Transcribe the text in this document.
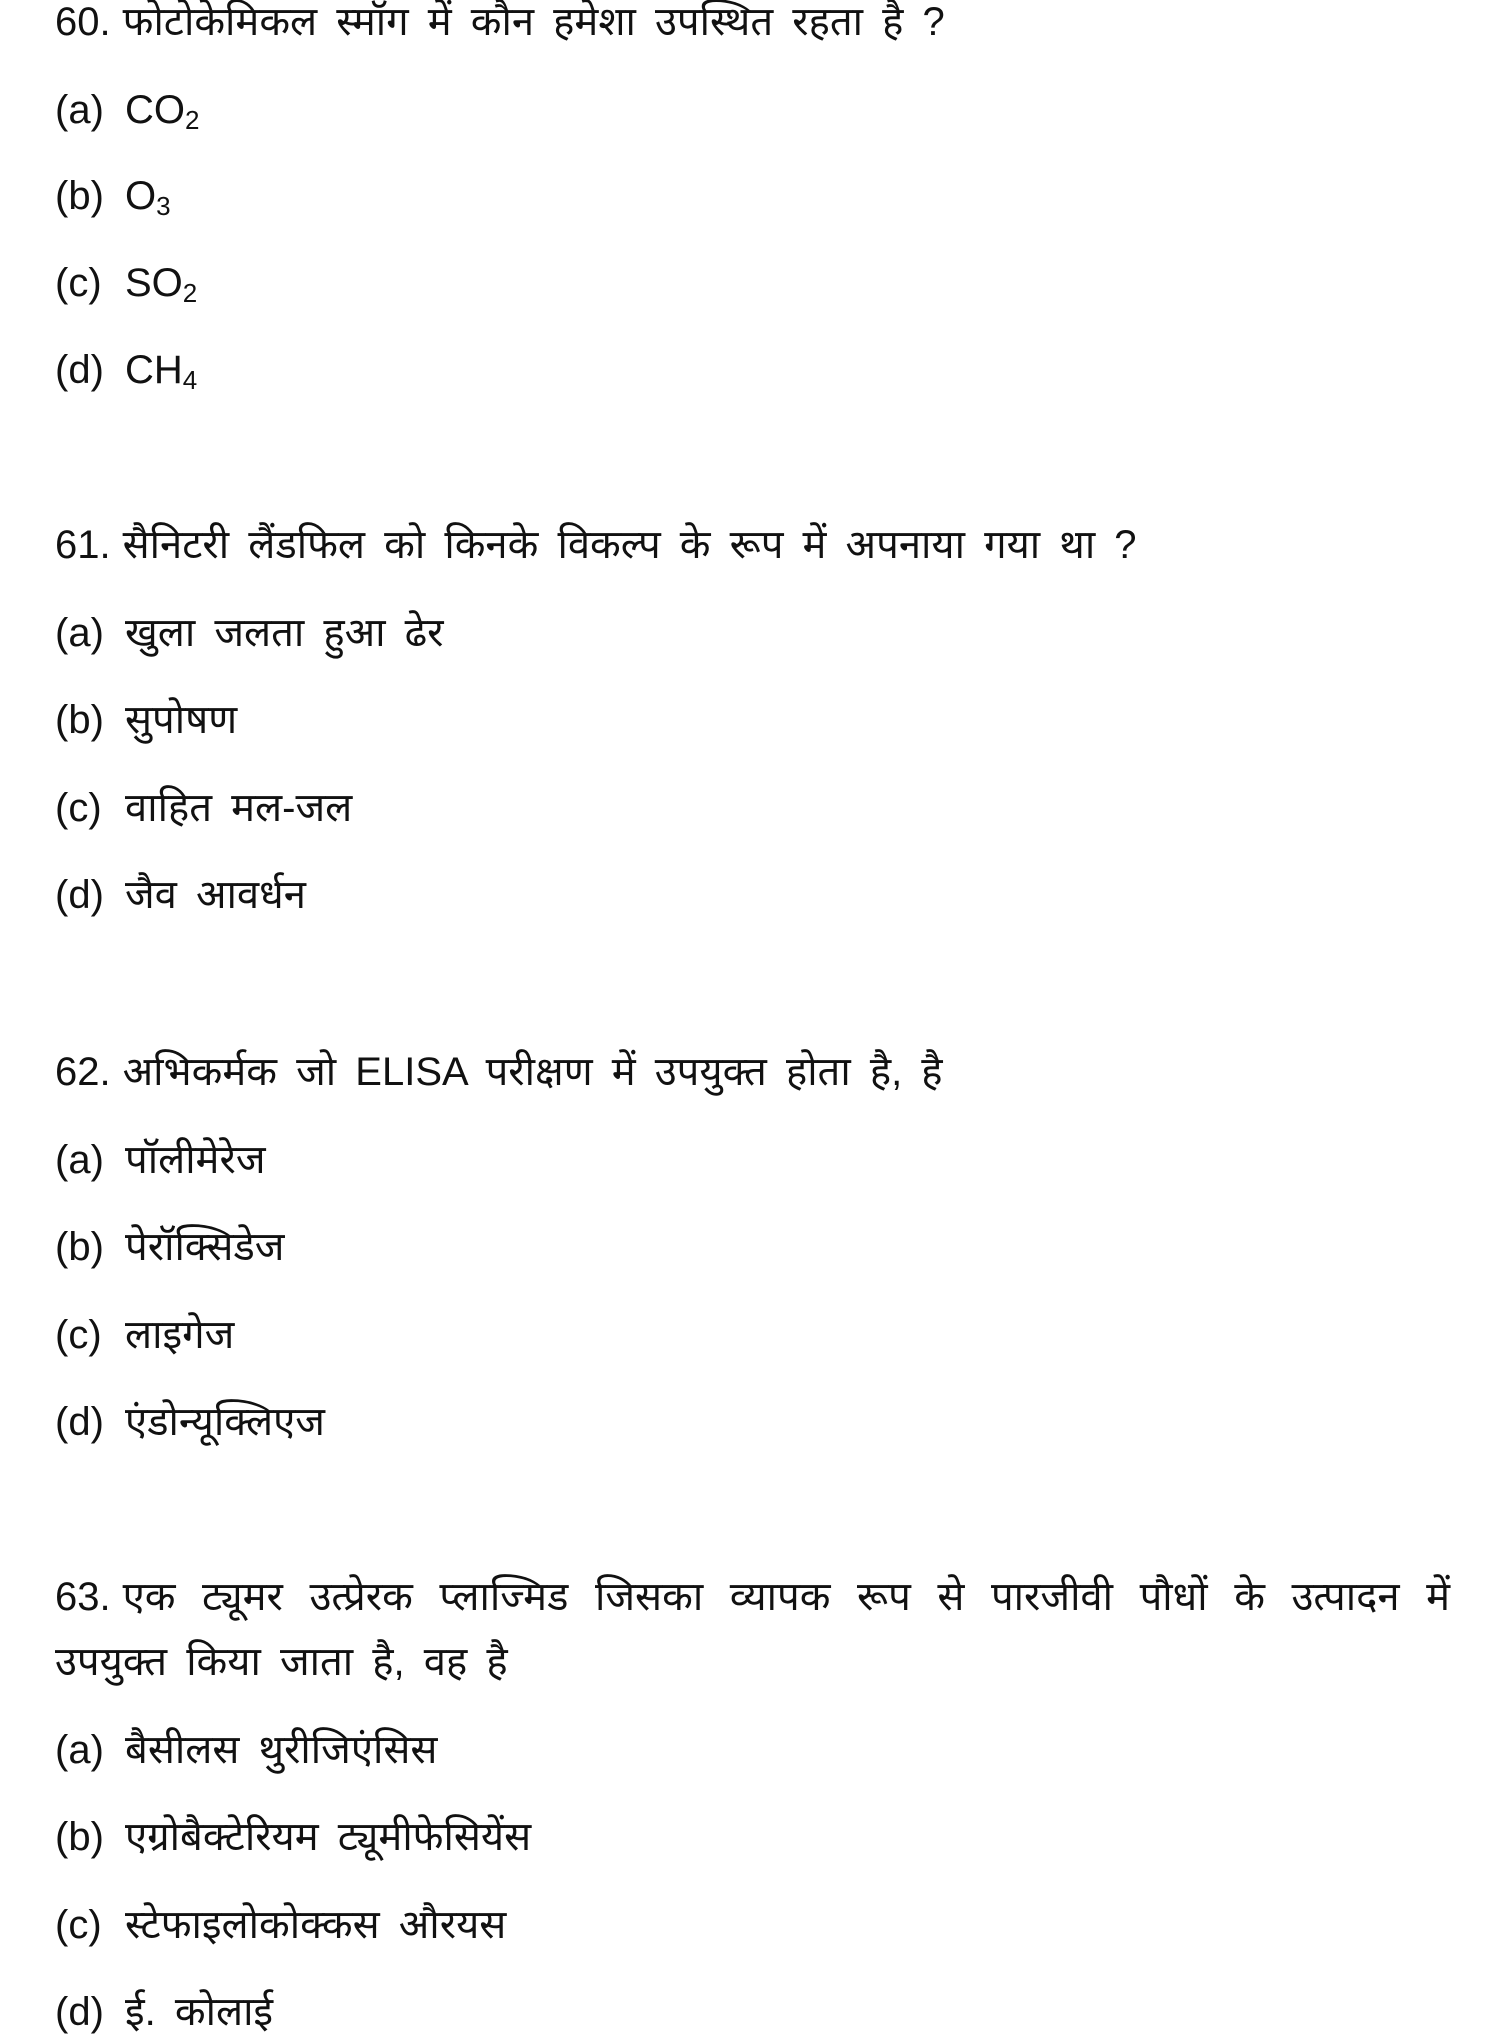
60. फोटोकेमिकल स्मॉग में कौन हमेशा उपस्थित रहता है ?
(a) $CO_2$
(b) $O_3$
(c) $SO_2$
(d) $CH_4$
61. सैनिटरी लैंडफिल को किनके विकल्प के रूप में अपनाया गया था ?
(a) खुला जलता हुआ ढेर
(b) सुपोषण
(c) वाहित मल-जल
(d) जैव आवर्धन
62. अभिकर्मक जो ELISA परीक्षण में उपयुक्त होता है, है
(a) पॉलीमेरेज
(b) पेरॉक्सिडेज
(c) लाइगेज
(d) एंडोन्यूक्लिएज
63. एक ट्यूमर उत्प्रेरक प्लाज्मिड जिसका व्यापक रूप से पारजीवी पौधों के उत्पादन में
उपयुक्त किया जाता है, वह है
(a) बैसीलस थुरीजिएंसिस
(b) एग्रोबैक्टेरियम ट्यूमीफेसियेंस
(c) स्टेफाइलोकोक्कस औरयस
(d) ई. कोलाई
